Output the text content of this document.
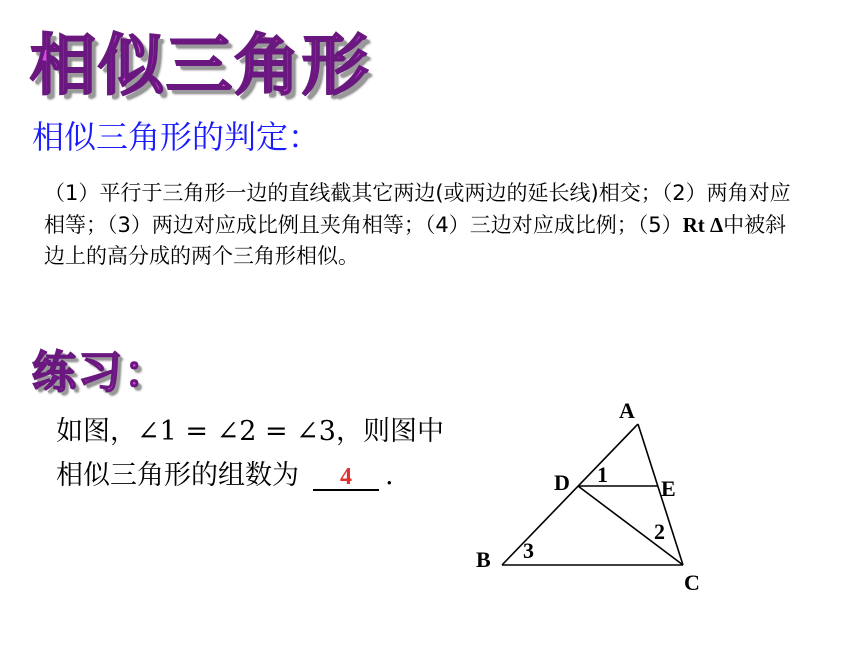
相似三角形
相似三角形的判定：
（1）平行于三角形一边的直线截其它两边(或两边的延长线)相交；（2）两角对应相等；（3）两边对应成比例且夹角相等；（4）三边对应成比例；（5）Rt Δ中被斜边上的高分成的两个三角形相似。
练习：
如图，∠1 = ∠2 = ∠3，则图中
相似三角形的组数为 4 .
A
B
C
D	E
1
2
3
